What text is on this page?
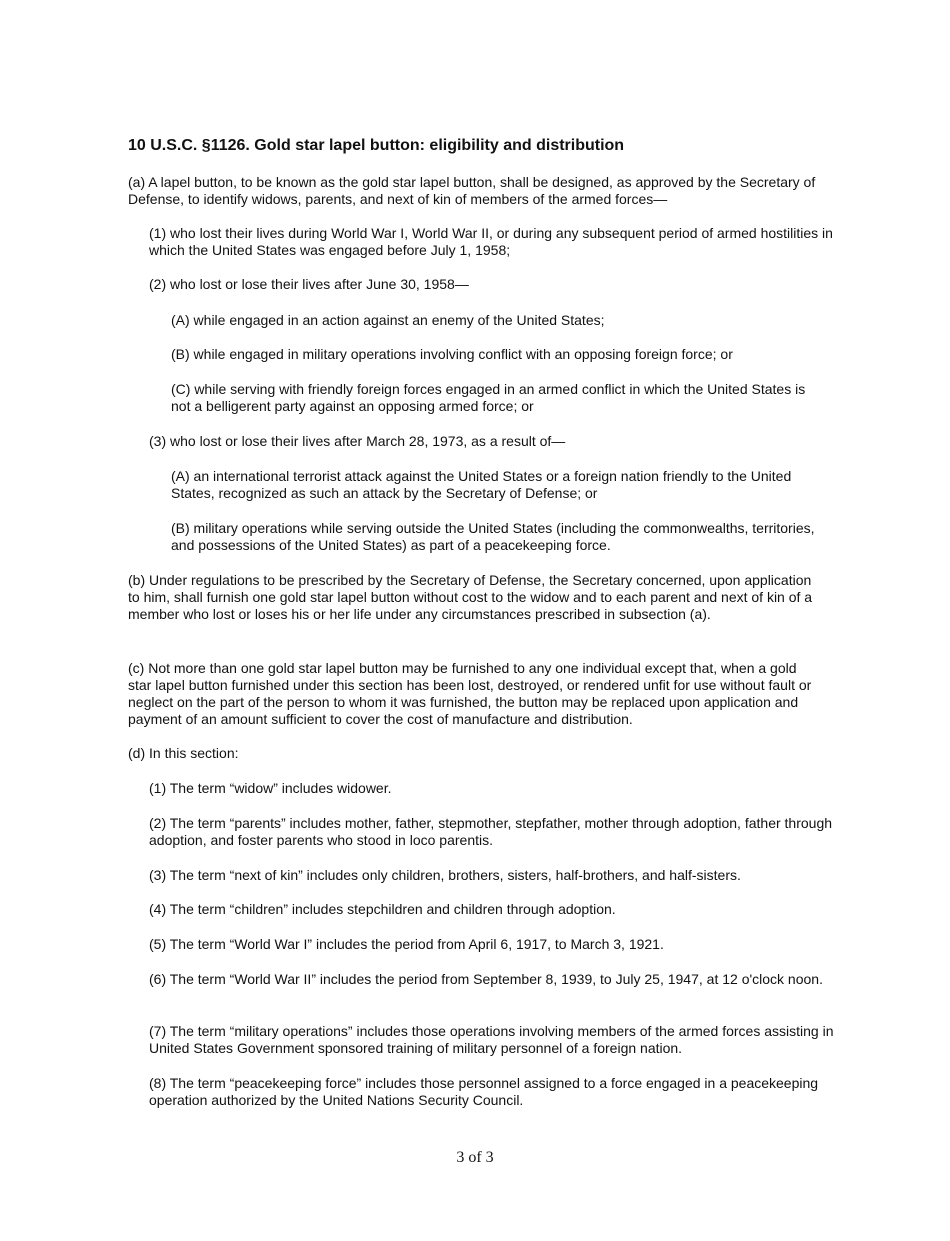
10 U.S.C. §1126. Gold star lapel button: eligibility and distribution

(a) A lapel button, to be known as the gold star lapel button, shall be designed, as approved by the Secretary of Defense, to identify widows, parents, and next of kin of members of the armed forces—

(1) who lost their lives during World War I, World War II, or during any subsequent period of armed hostilities in which the United States was engaged before July 1, 1958;

(2) who lost or lose their lives after June 30, 1958—

(A) while engaged in an action against an enemy of the United States;

(B) while engaged in military operations involving conflict with an opposing foreign force; or

(C) while serving with friendly foreign forces engaged in an armed conflict in which the United States is not a belligerent party against an opposing armed force; or

(3) who lost or lose their lives after March 28, 1973, as a result of—

(A) an international terrorist attack against the United States or a foreign nation friendly to the United States, recognized as such an attack by the Secretary of Defense; or

(B) military operations while serving outside the United States (including the commonwealths, territories, and possessions of the United States) as part of a peacekeeping force.

(b) Under regulations to be prescribed by the Secretary of Defense, the Secretary concerned, upon application to him, shall furnish one gold star lapel button without cost to the widow and to each parent and next of kin of a member who lost or loses his or her life under any circumstances prescribed in subsection (a).

(c) Not more than one gold star lapel button may be furnished to any one individual except that, when a gold star lapel button furnished under this section has been lost, destroyed, or rendered unfit for use without fault or neglect on the part of the person to whom it was furnished, the button may be replaced upon application and payment of an amount sufficient to cover the cost of manufacture and distribution.

(d) In this section:

(1) The term “widow” includes widower.

(2) The term “parents” includes mother, father, stepmother, stepfather, mother through adoption, father through adoption, and foster parents who stood in loco parentis.

(3) The term “next of kin” includes only children, brothers, sisters, half-brothers, and half-sisters.

(4) The term “children” includes stepchildren and children through adoption.

(5) The term “World War I” includes the period from April 6, 1917, to March 3, 1921.

(6) The term “World War II” includes the period from September 8, 1939, to July 25, 1947, at 12 o'clock noon.

(7) The term “military operations” includes those operations involving members of the armed forces assisting in United States Government sponsored training of military personnel of a foreign nation.

(8) The term “peacekeeping force” includes those personnel assigned to a force engaged in a peacekeeping operation authorized by the United Nations Security Council.

3 of 3
